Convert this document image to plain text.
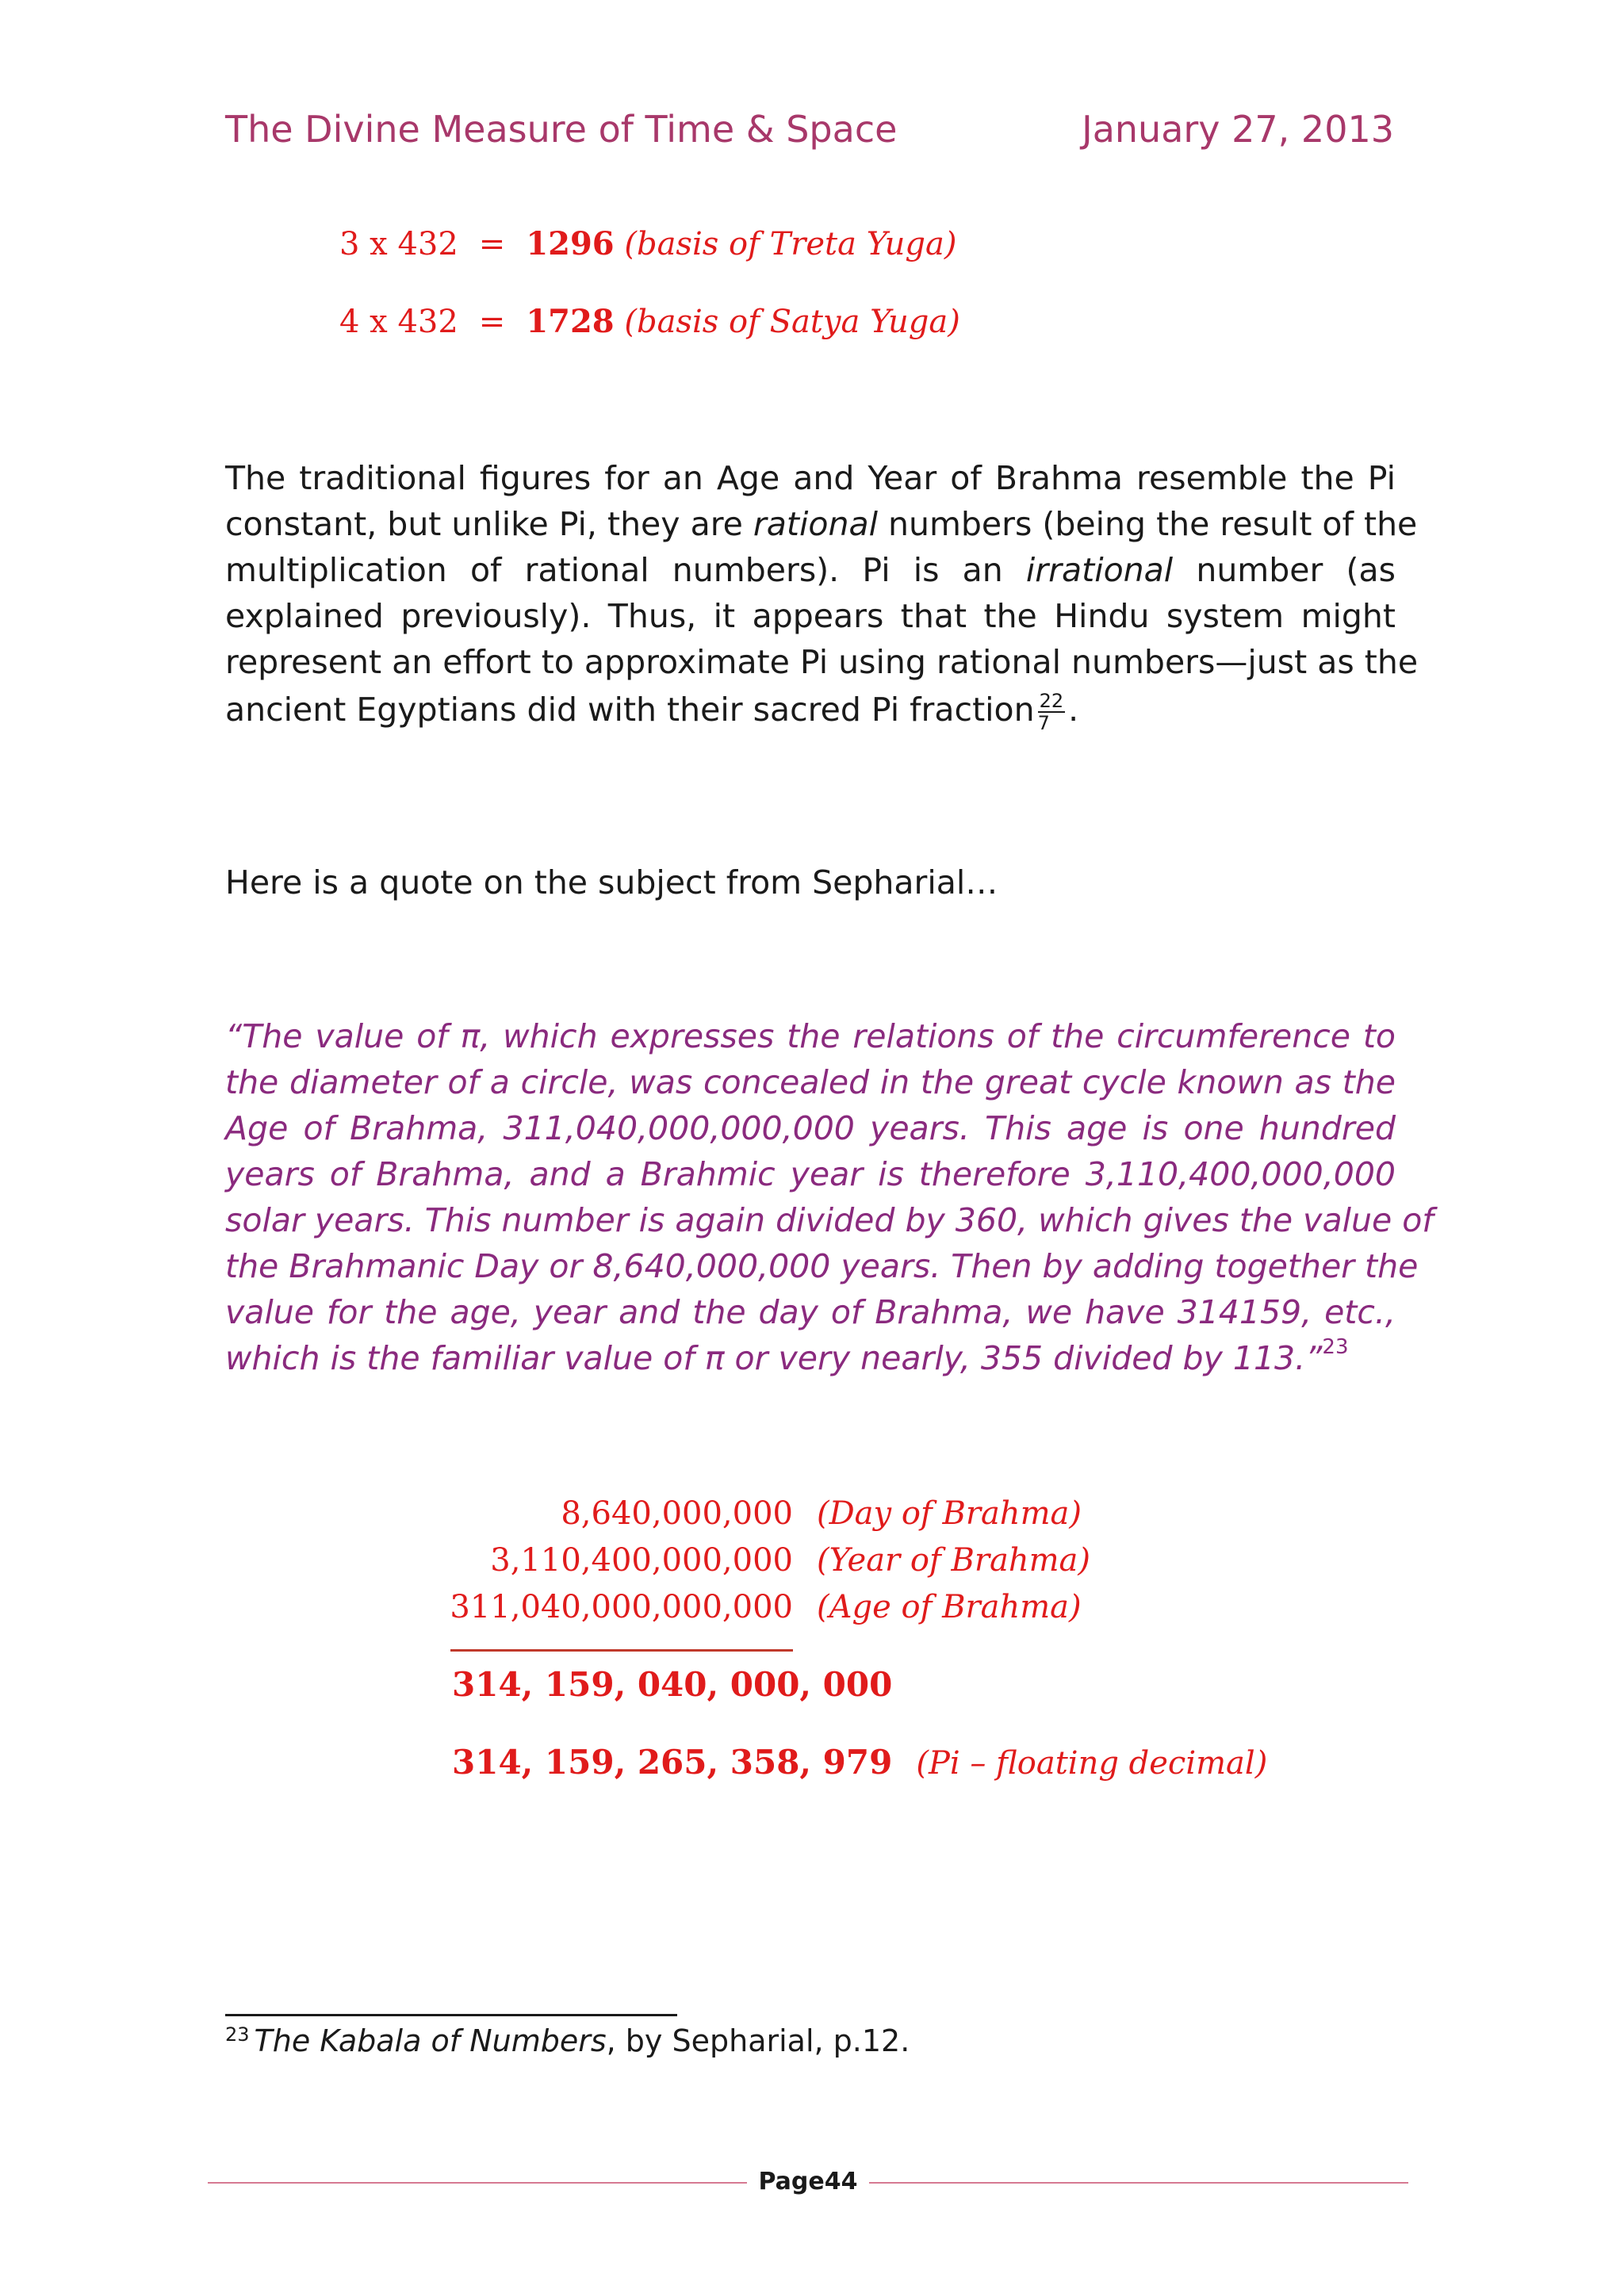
The Divine Measure of Time & Space	January 27, 2013
3 x 432 = 1296 (basis of Treta Yuga)
4 x 432 = 1728 (basis of Satya Yuga)
The traditional figures for an Age and Year of Brahma resemble the Pi
constant, but unlike Pi, they are rational numbers (being the result of the
multiplication of rational numbers). Pi is an irrational number (as
explained previously). Thus, it appears that the Hindu system might
represent an effort to approximate Pi using rational numbers—just as the
ancient Egyptians did with their sacred Pi fraction $\frac{22}{7}$ .
Here is a quote on the subject from Sepharial…
“The value of π, which expresses the relations of the circumference to
the diameter of a circle, was concealed in the great cycle known as the
Age of Brahma, 311,040,000,000,000 years. This age is one hundred
years of Brahma, and a Brahmic year is therefore 3,110,400,000,000
solar years. This number is again divided by 360, which gives the value of
the Brahmanic Day or 8,640,000,000 years. Then by adding together the
value for the age, year and the day of Brahma, we have 314159, etc.,
which is the familiar value of π or very nearly, 355 divided by 113.”$^{23}$
8,640,000,000 (Day of Brahma)
3,110,400,000,000 (Year of Brahma)
311,040,000,000,000 (Age of Brahma)
314, 159, 040, 000, 000
314, 159, 265, 358, 979 (Pi – floating decimal)
$^{23}$ The Kabala of Numbers, by Sepharial, p.12.
Page44
